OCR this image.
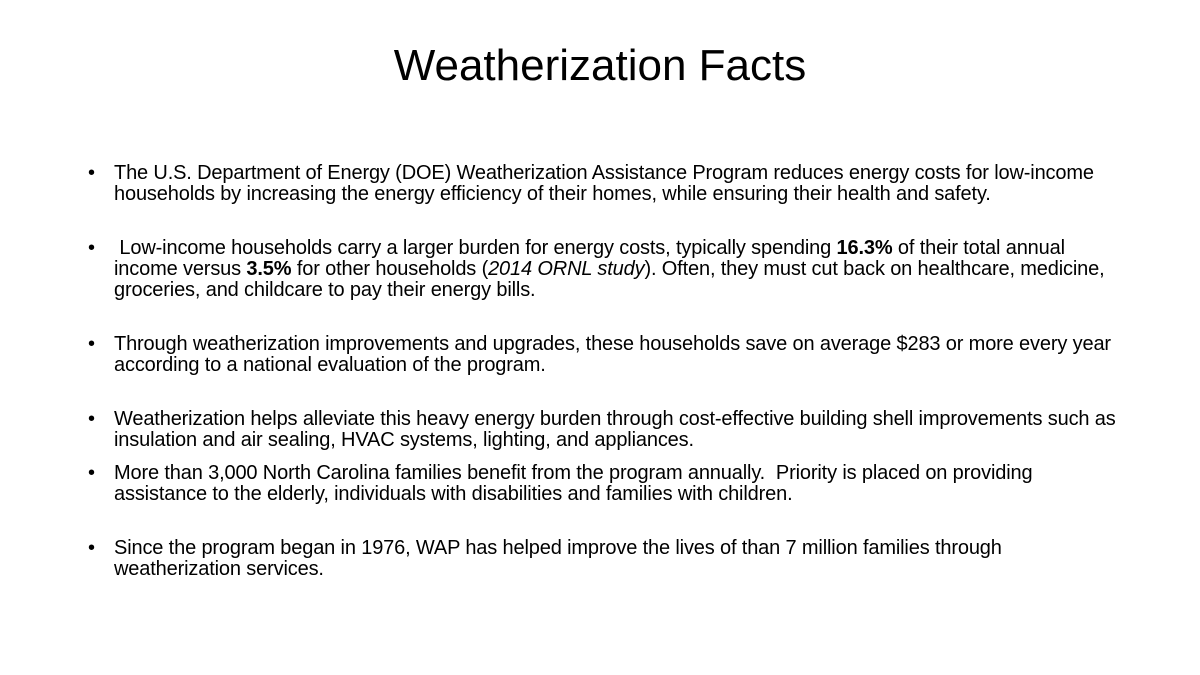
Weatherization Facts
• The U.S. Department of Energy (DOE) Weatherization Assistance Program reduces energy costs for low-income households by increasing the energy efficiency of their homes, while ensuring their health and safety.
• Low-income households carry a larger burden for energy costs, typically spending 16.3% of their total annual income versus 3.5% for other households (2014 ORNL study). Often, they must cut back on healthcare, medicine, groceries, and childcare to pay their energy bills.
• Through weatherization improvements and upgrades, these households save on average $283 or more every year according to a national evaluation of the program.
• Weatherization helps alleviate this heavy energy burden through cost-effective building shell improvements such as insulation and air sealing, HVAC systems, lighting, and appliances.
• More than 3,000 North Carolina families benefit from the program annually.  Priority is placed on providing assistance to the elderly, individuals with disabilities and families with children.
• Since the program began in 1976, WAP has helped improve the lives of than 7 million families through weatherization services.
